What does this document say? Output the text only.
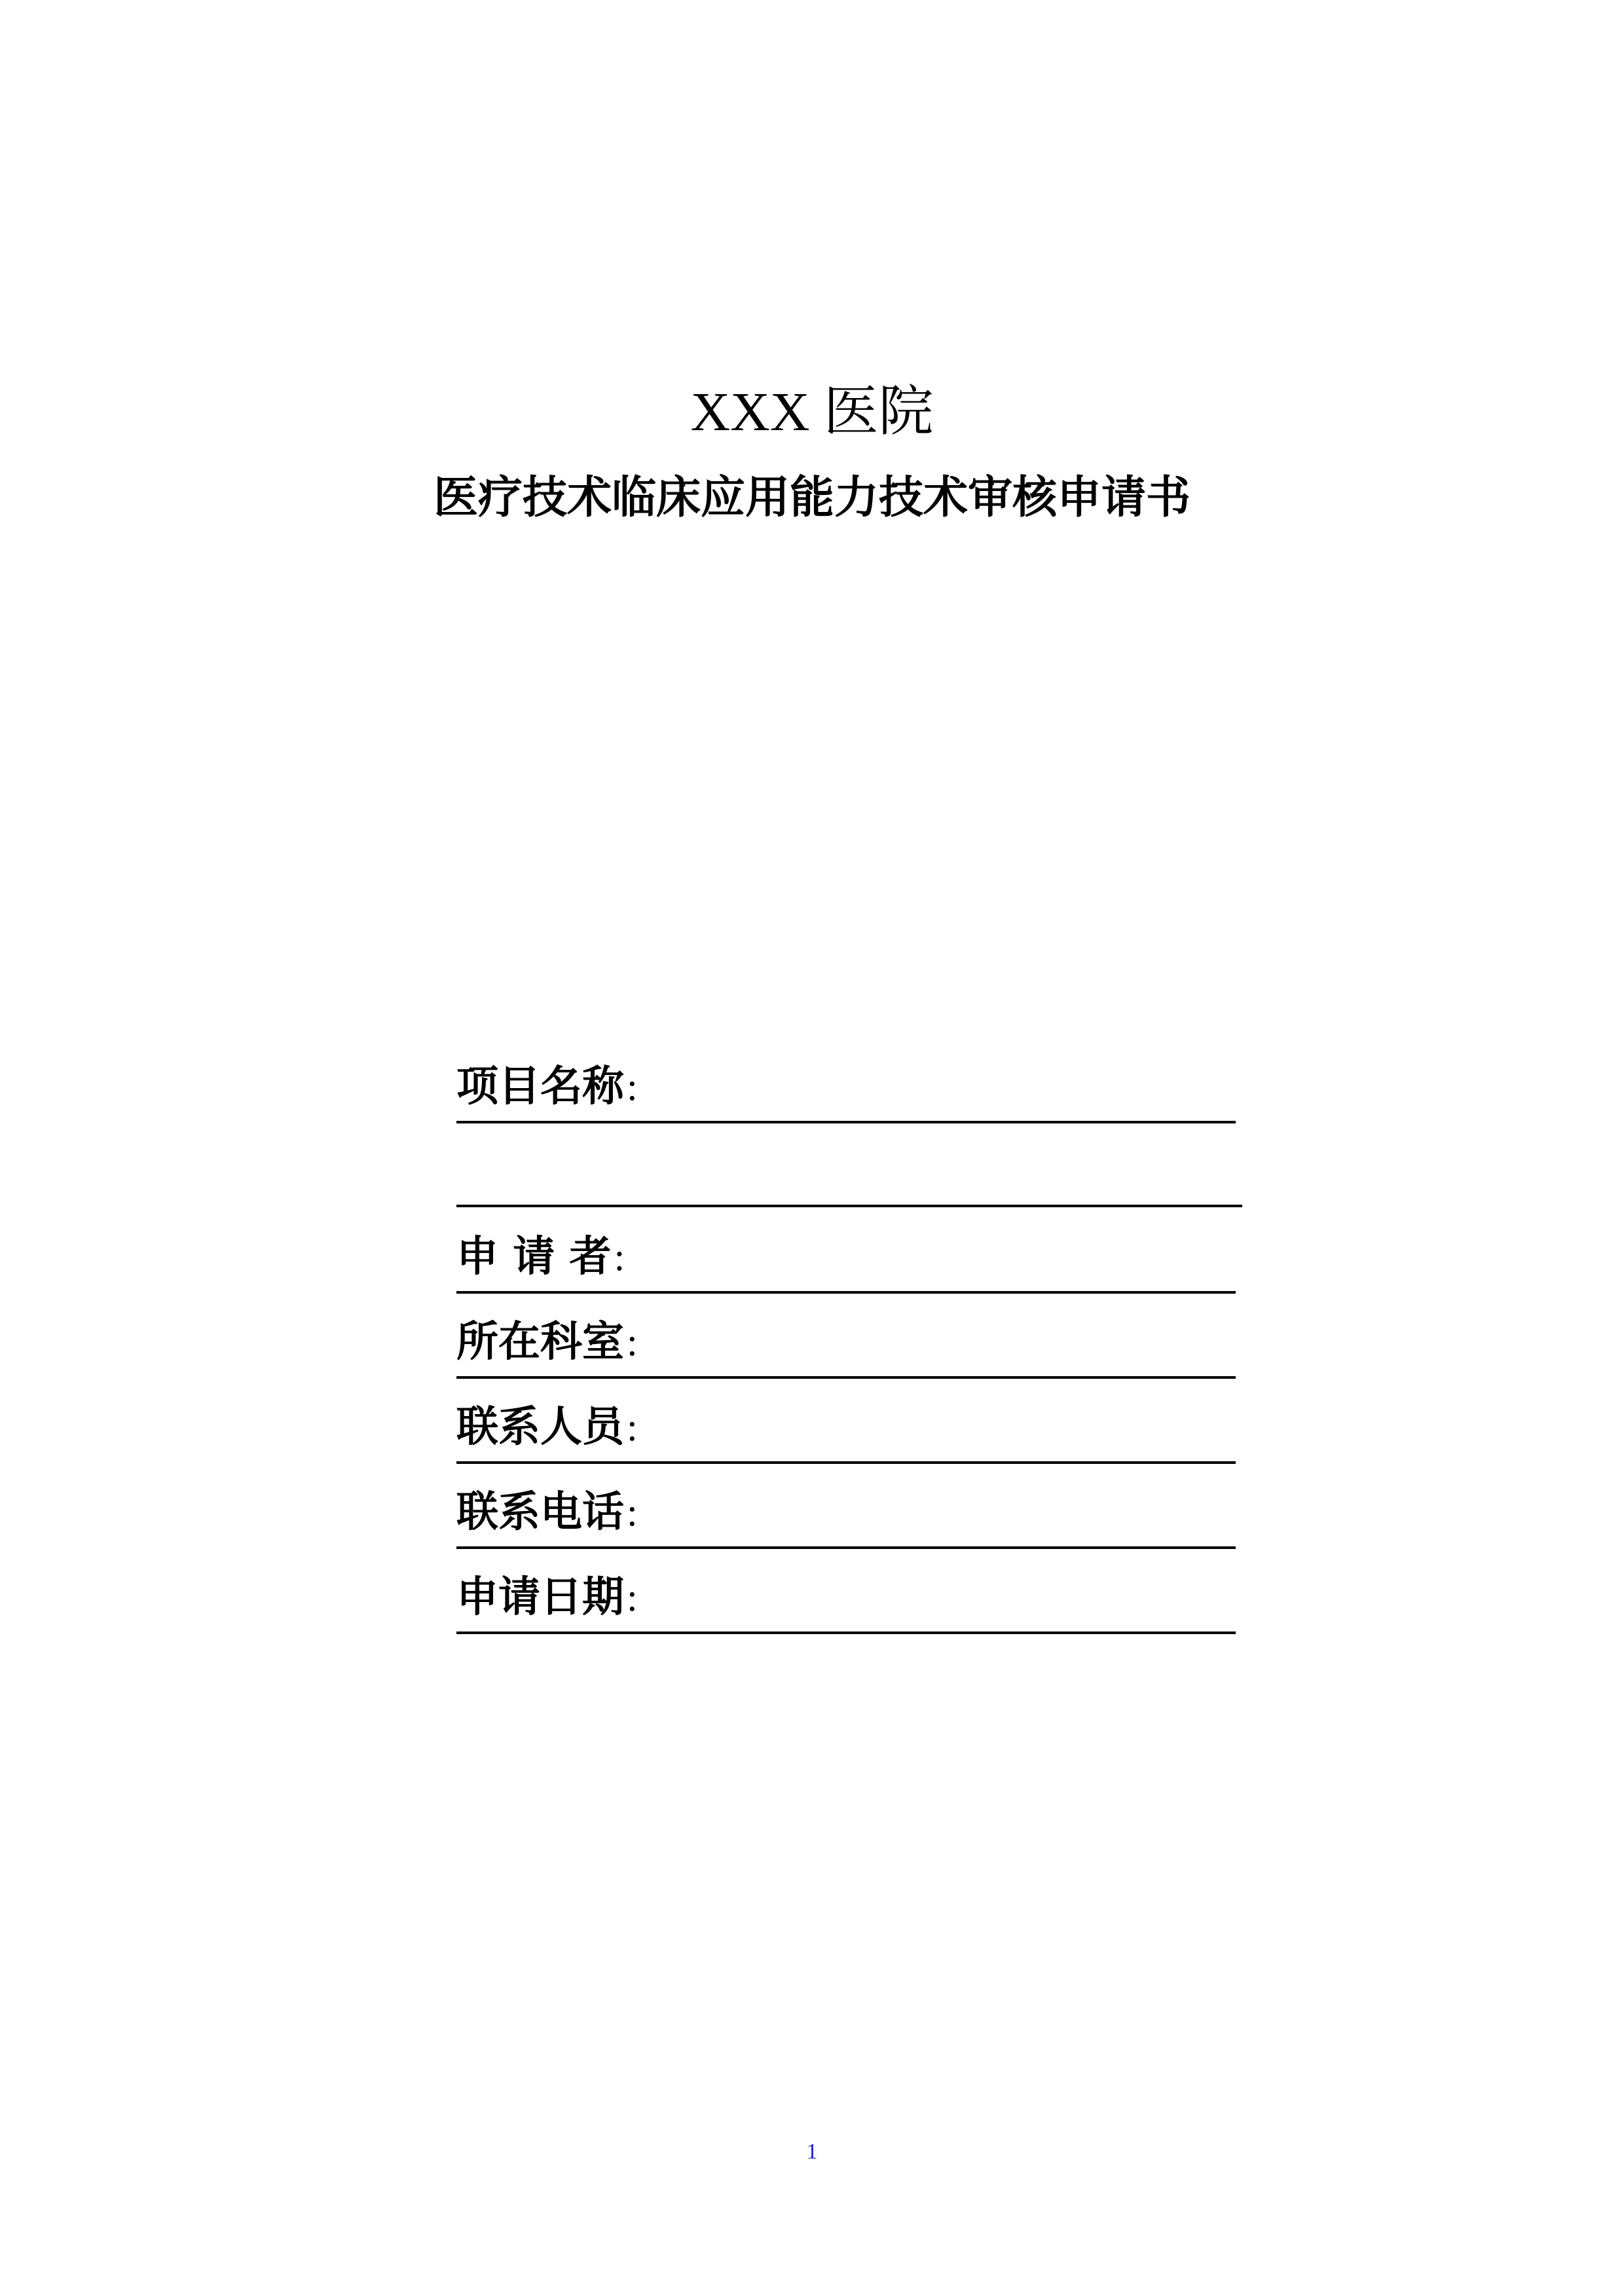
XXX 医院
医疗技术临床应用能力技术审核申请书
项目名称 :
申 请 者 :
所在科室 :
联系人员 :
联系电话 :
申请日期 :
1
